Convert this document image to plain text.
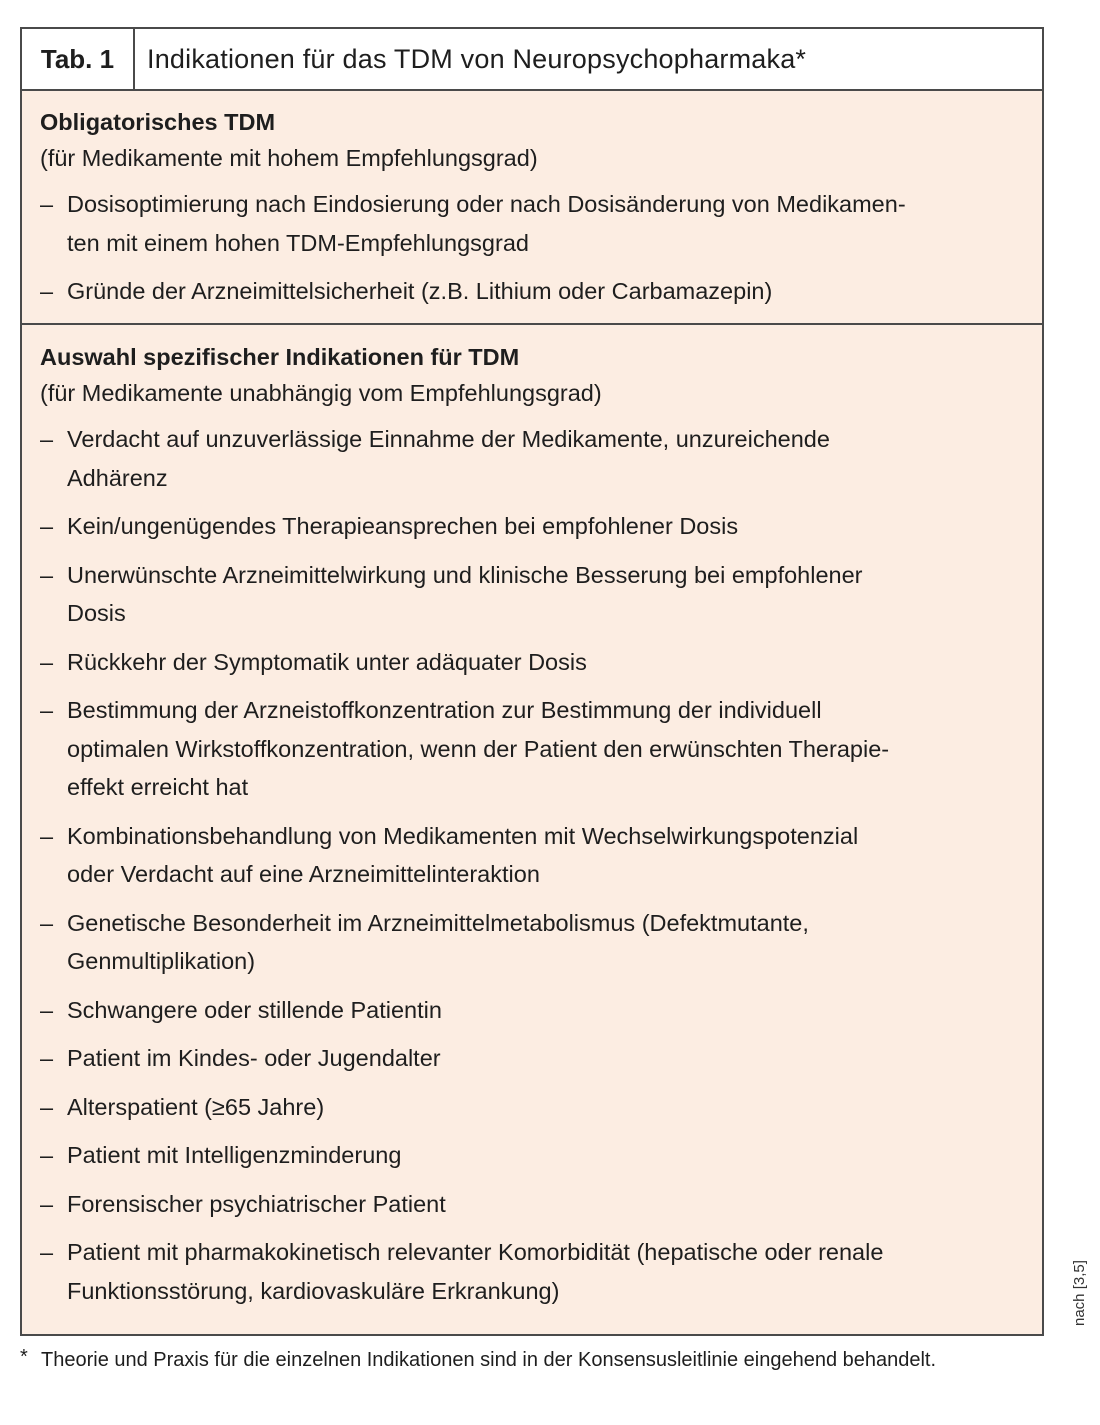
Tab. 1	Indikationen für das TDM von Neuropsychopharmaka*
Obligatorisches TDM
(für Medikamente mit hohem Empfehlungsgrad)
– Dosisoptimierung nach Eindosierung oder nach Dosisänderung von Medikamen-
ten mit einem hohen TDM-Empfehlungsgrad
– Gründe der Arzneimittelsicherheit (z.B. Lithium oder Carbamazepin)
Auswahl spezifischer Indikationen für TDM
(für Medikamente unabhängig vom Empfehlungsgrad)
– Verdacht auf unzuverlässige Einnahme der Medikamente, unzureichende
Adhärenz
– Kein/ungenügendes Therapieansprechen bei empfohlener Dosis
– Unerwünschte Arzneimittelwirkung und klinische Besserung bei empfohlener
Dosis
– Rückkehr der Symptomatik unter adäquater Dosis
– Bestimmung der Arzneistoffkonzentration zur Bestimmung der individuell
optimalen Wirkstoffkonzentration, wenn der Patient den erwünschten Therapie-
effekt erreicht hat
– Kombinationsbehandlung von Medikamenten mit Wechselwirkungspotenzial
oder Verdacht auf eine Arzneimittelinteraktion
– Genetische Besonderheit im Arzneimittelmetabolismus (Defektmutante,
Genmultiplikation)
– Schwangere oder stillende Patientin
– Patient im Kindes- oder Jugendalter
– Alterspatient (≥65 Jahre)
– Patient mit Intelligenzminderung
– Forensischer psychiatrischer Patient
– Patient mit pharmakokinetisch relevanter Komorbidität (hepatische oder renale
Funktionsstörung, kardiovaskuläre Erkrankung)
* Theorie und Praxis für die einzelnen Indikationen sind in der Konsensusleitlinie eingehend behandelt.
nach [3,5]
